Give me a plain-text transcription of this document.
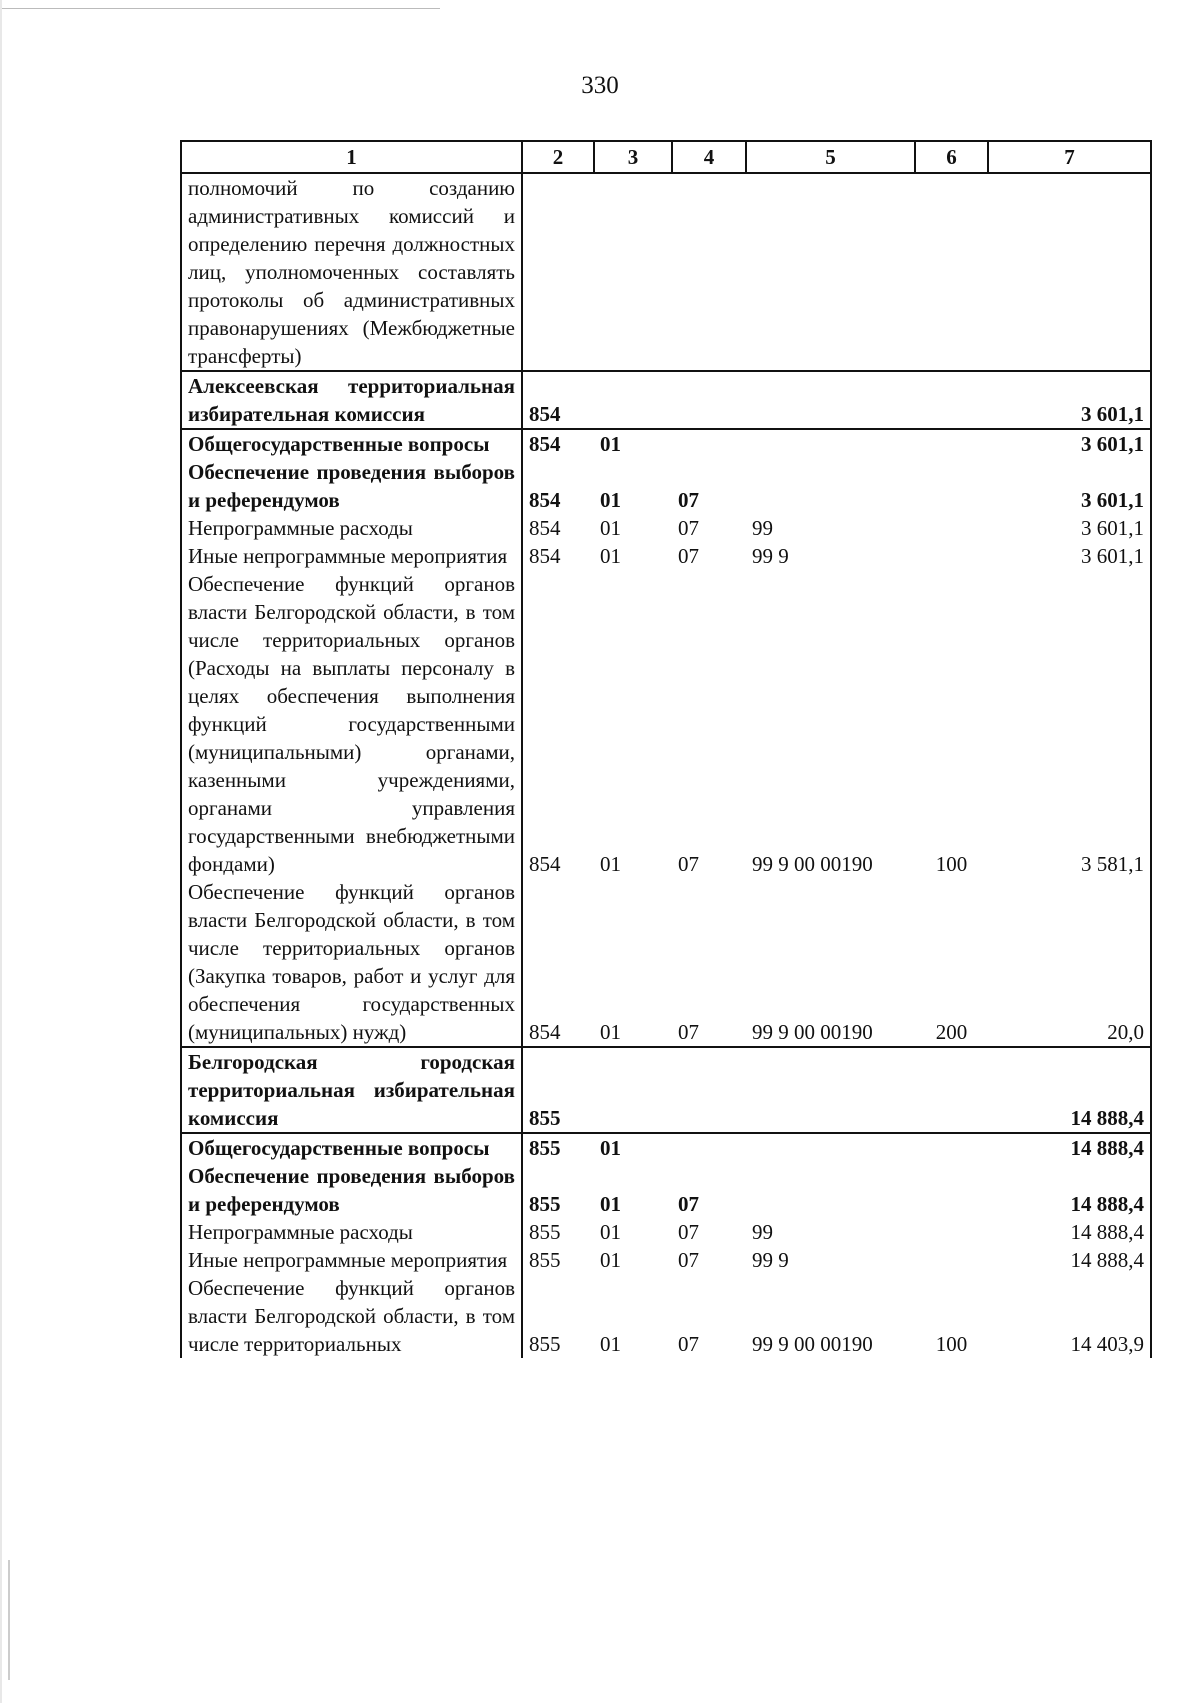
330
1	2	3	4	5	6	7
полномочий по созданию административных комиссий и определению перечня должностных лиц, уполномоченных составлять протоколы об административных правонарушениях (Межбюджетные трансферты)						
Алексеевская территориальная избирательная комиссия	854					3 601,1
Общегосударственные вопросы	854	01				3 601,1
Обеспечение проведения выборов и референдумов	854	01	07			3 601,1
Непрограммные расходы	854	01	07	99		3 601,1
Иные непрограммные мероприятия	854	01	07	99 9		3 601,1
Обеспечение функций органов власти Белгородской области, в том числе территориальных органов (Расходы на выплаты персоналу в целях обеспечения выполнения функций государственными (муниципальными) органами, казенными учреждениями, органами управления государственными внебюджетными фондами)	854	01	07	99 9 00 00190	100	3 581,1
Обеспечение функций органов власти Белгородской области, в том числе территориальных органов (Закупка товаров, работ и услуг для обеспечения государственных (муниципальных) нужд)	854	01	07	99 9 00 00190	200	20,0
Белгородская городская территориальная избирательная комиссия	855					14 888,4
Общегосударственные вопросы	855	01				14 888,4
Обеспечение проведения выборов и референдумов	855	01	07			14 888,4
Непрограммные расходы	855	01	07	99		14 888,4
Иные непрограммные мероприятия	855	01	07	99 9		14 888,4
Обеспечение функций органов власти Белгородской области, в том числе территориальных	855	01	07	99 9 00 00190	100	14 403,9
